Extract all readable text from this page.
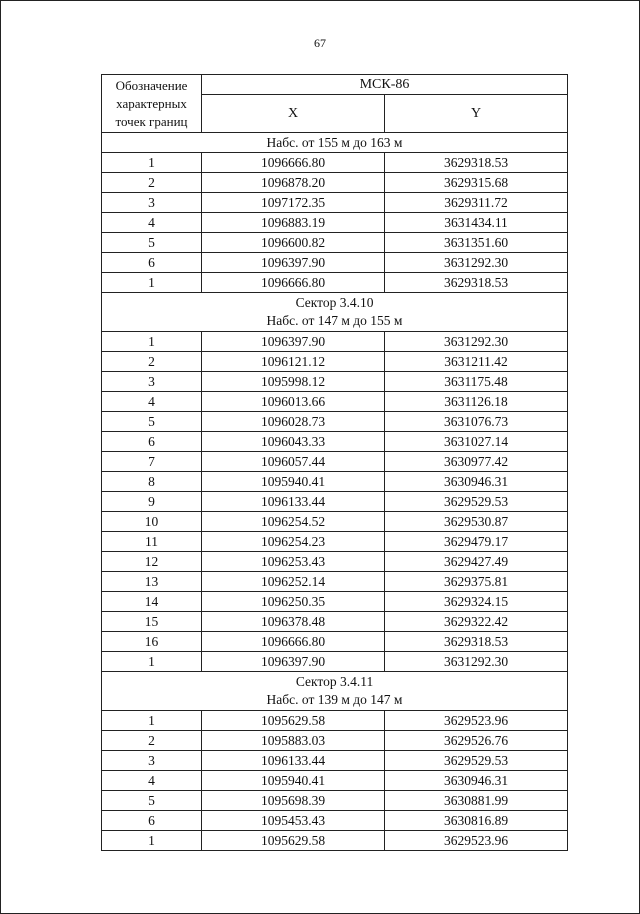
67
Обозначение характерных точек границ	МСК-86	
	X	Y

Набс. от 155 м до 163 м		

1	1096666.80	3629318.53
2	1096878.20	3629315.68
3	1097172.35	3629311.72
4	1096883.19	3631434.11
5	1096600.82	3631351.60
6	1096397.90	3631292.30
1	1096666.80	3629318.53

Сектор 3.4.10
Набс. от 147 м до 155 м		

1	1096397.90	3631292.30
2	1096121.12	3631211.42
3	1095998.12	3631175.48
4	1096013.66	3631126.18
5	1096028.73	3631076.73
6	1096043.33	3631027.14
7	1096057.44	3630977.42
8	1095940.41	3630946.31
9	1096133.44	3629529.53
10	1096254.52	3629530.87
11	1096254.23	3629479.17
12	1096253.43	3629427.49
13	1096252.14	3629375.81
14	1096250.35	3629324.15
15	1096378.48	3629322.42
16	1096666.80	3629318.53
1	1096397.90	3631292.30

Сектор 3.4.11
Набс. от 139 м до 147 м		

1	1095629.58	3629523.96
2	1095883.03	3629526.76
3	1096133.44	3629529.53
4	1095940.41	3630946.31
5	1095698.39	3630881.99
6	1095453.43	3630816.89
1	1095629.58	3629523.96
